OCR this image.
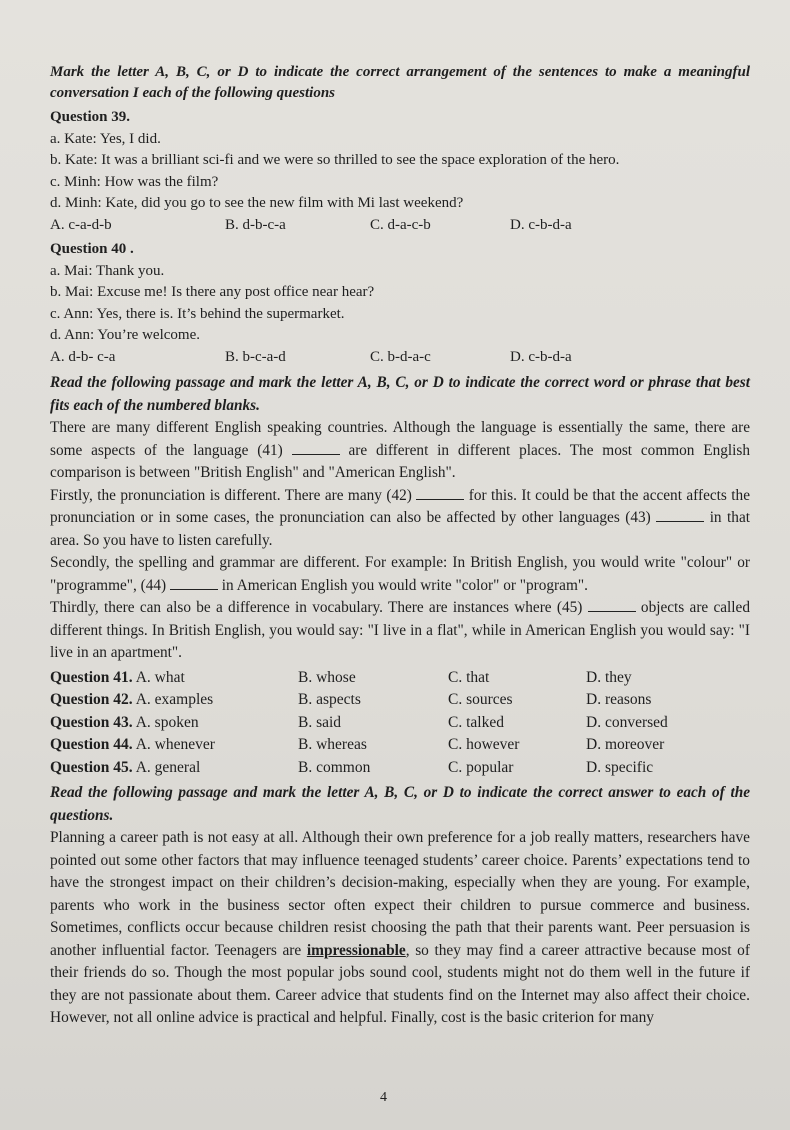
Mark the letter A, B, C, or D to indicate the correct arrangement of the sentences to make a meaningful conversation I each of the following questions
Question 39.
a. Kate: Yes, I did.
b. Kate: It was a brilliant sci-fi and we were so thrilled to see the space exploration of the hero.
c. Minh: How was the film?
d. Minh: Kate, did you go to see the new film with Mi last weekend?
A. c-a-d-b	B. d-b-c-a	C. d-a-c-b	D. c-b-d-a
Question 40 .
a. Mai: Thank you.
b. Mai: Excuse me! Is there any post office near hear?
c. Ann: Yes, there is. It’s behind the supermarket.
d. Ann: You’re welcome.
A. d-b- c-a	B. b-c-a-d	C. b-d-a-c	D. c-b-d-a
Read the following passage and mark the letter A, B, C, or D to indicate the correct word or phrase that best fits each of the numbered blanks.
There are many different English speaking countries. Although the language is essentially the same, there are some aspects of the language (41)	are different in different places. The most common English comparison is between "British English" and "American English".
Firstly, the pronunciation is different. There are many (42)	for this. It could be that the accent affects the pronunciation or in some cases, the pronunciation can also be affected by other languages (43)	in that area. So you have to listen carefully.
Secondly, the spelling and grammar are different. For example: In British English, you would write "colour" or "programme", (44)	in American English you would write "color" or "program".
Thirdly, there can also be a difference in vocabulary. There are instances where (45)	objects are called different things. In British English, you would say: "I live in a flat", while in American English you would say: "I live in an apartment".
Question 41. A. what	B. whose	C. that	D. they
Question 42. A. examples	B. aspects	C. sources	D. reasons
Question 43. A. spoken	B. said	C. talked	D. conversed
Question 44. A. whenever	B. whereas	C. however	D. moreover
Question 45. A. general	B. common	C. popular	D. specific
Read the following passage and mark the letter A, B, C, or D to indicate the correct answer to each of the questions.
Planning a career path is not easy at all. Although their own preference for a job really matters, researchers have pointed out some other factors that may influence teenaged students’ career choice. Parents’ expectations tend to have the strongest impact on their children’s decision-making, especially when they are young. For example, parents who work in the business sector often expect their children to pursue commerce and business. Sometimes, conflicts occur because children resist choosing the path that their parents want. Peer persuasion is another influential factor. Teenagers are impressionable, so they may find a career attractive because most of their friends do so. Though the most popular jobs sound cool, students might not do them well in the future if they are not passionate about them. Career advice that students find on the Internet may also affect their choice. However, not all online advice is practical and helpful. Finally, cost is the basic criterion for many
4
